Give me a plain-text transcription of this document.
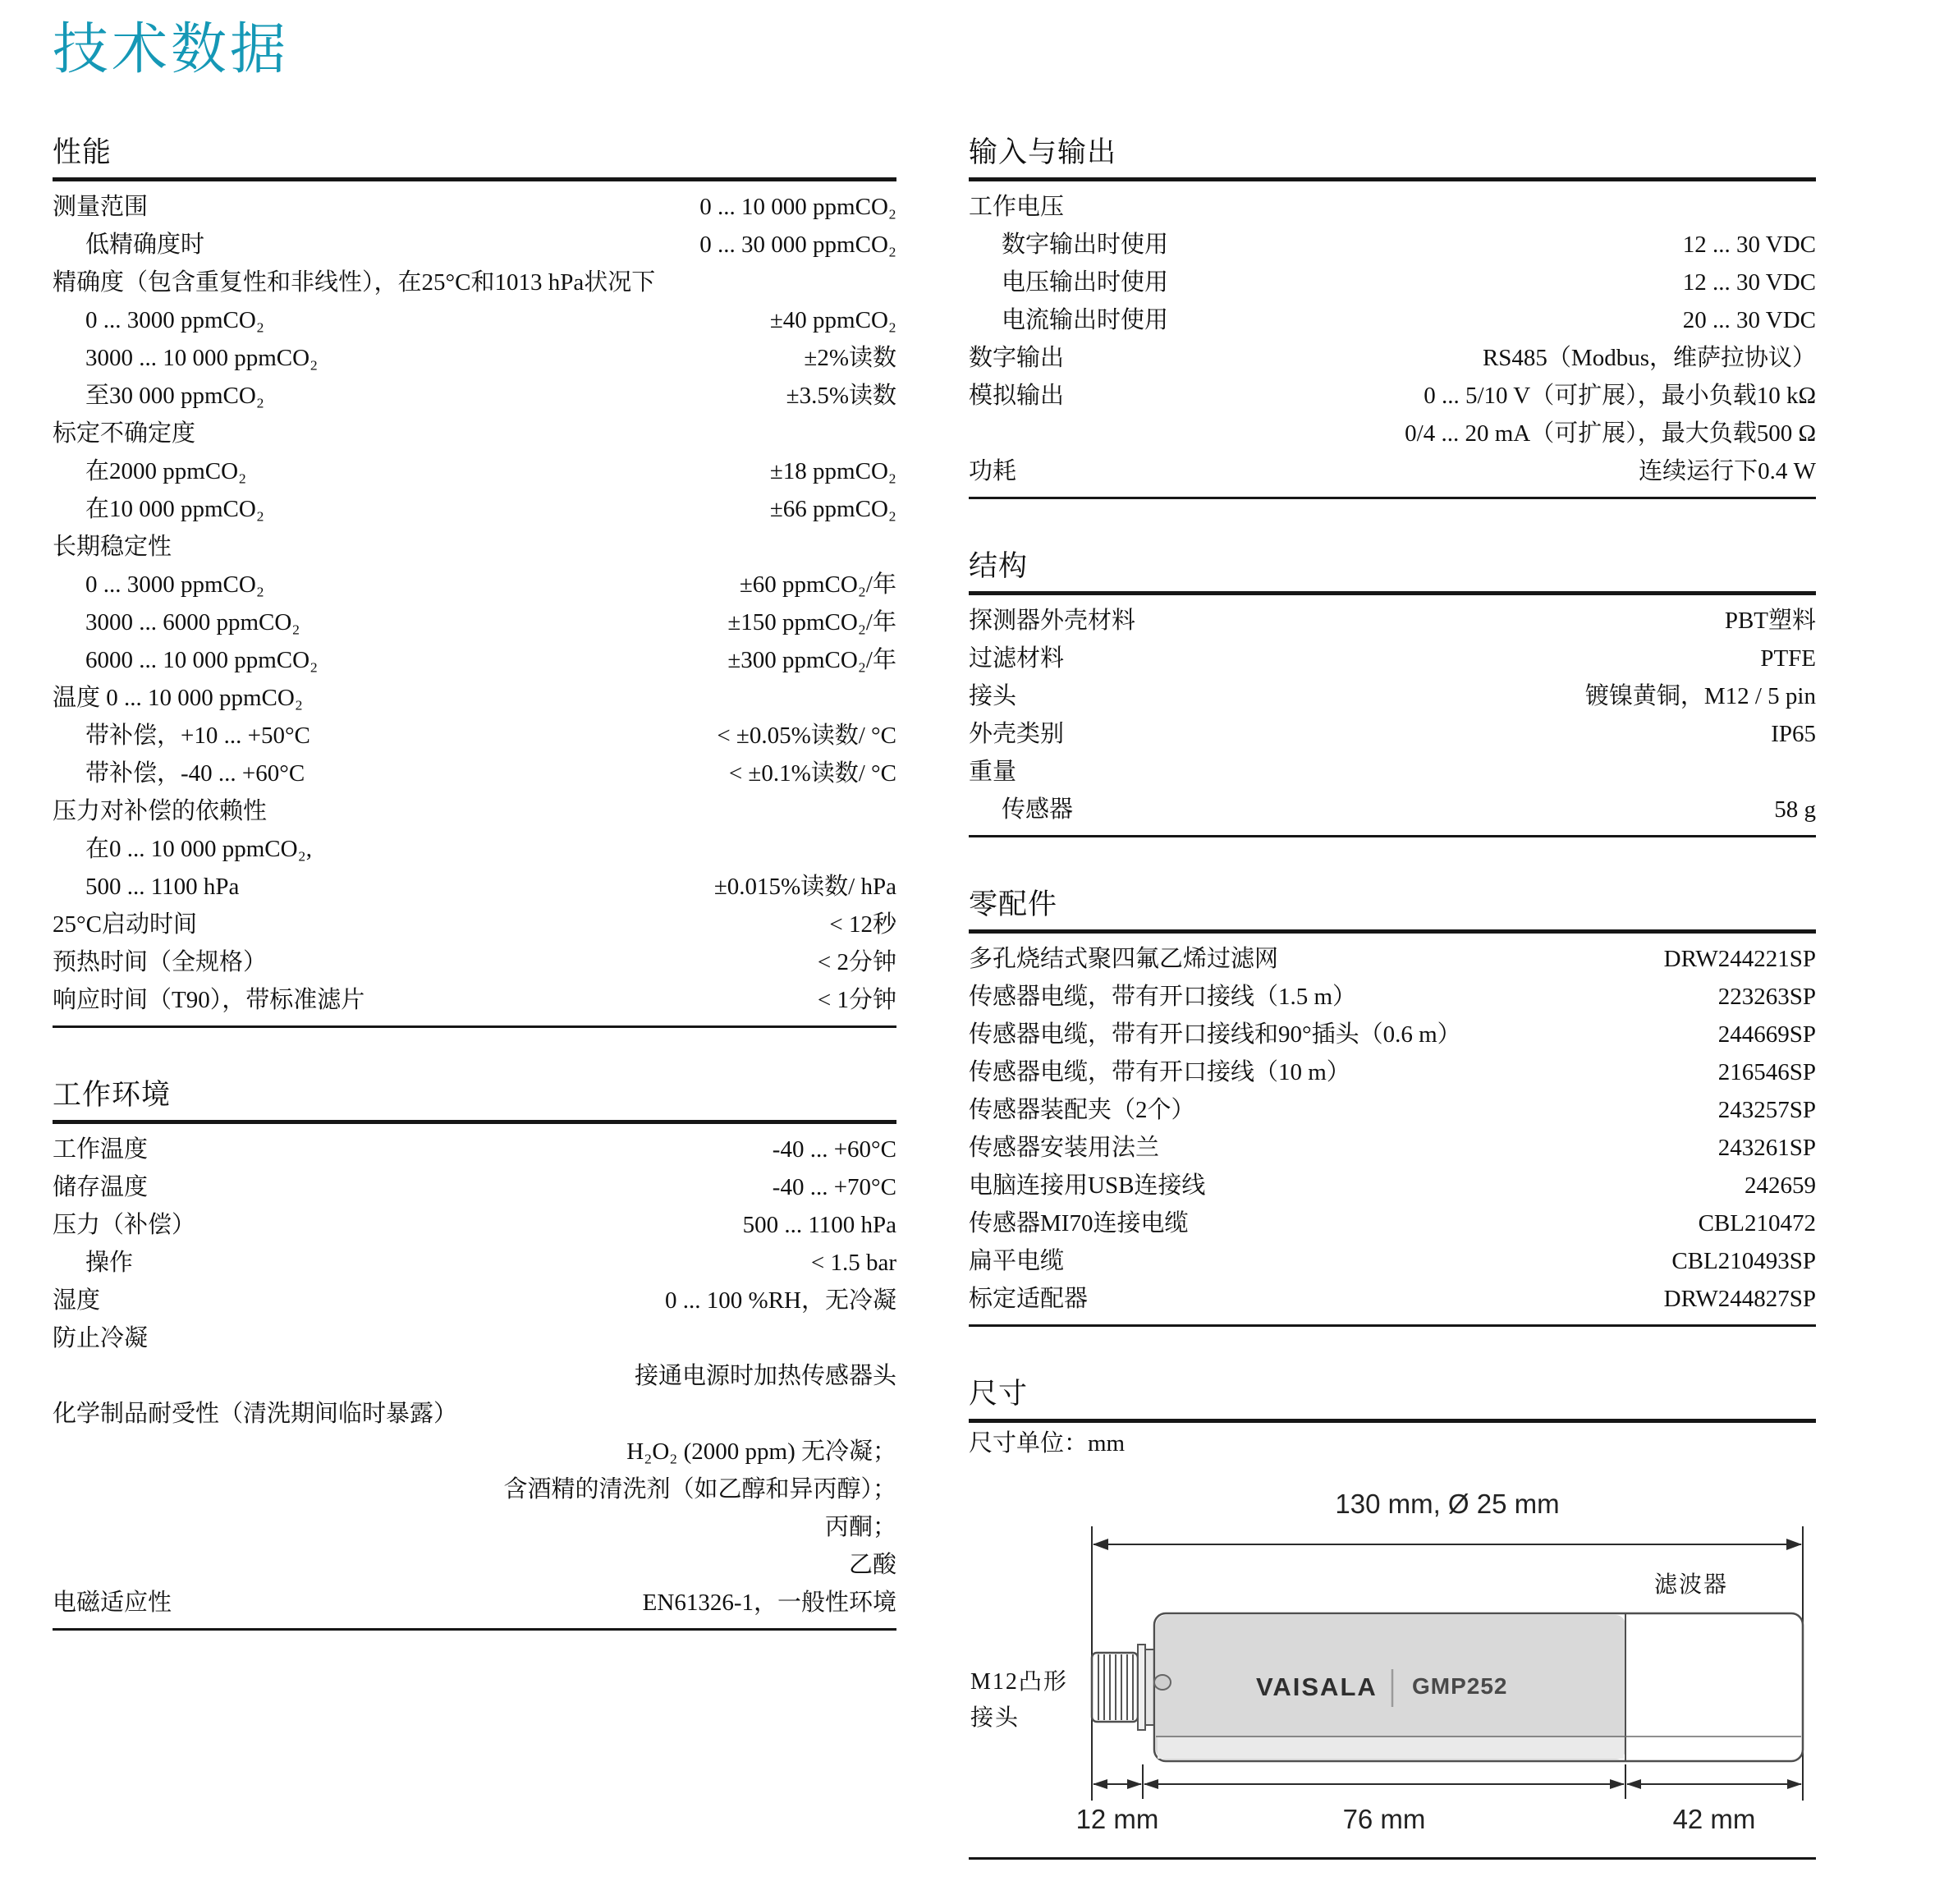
技术数据
性能
测量范围	0 ... 10 000 ppmCO₂
低精确度时	0 ... 30 000 ppmCO₂
精确度（包含重复性和非线性），在25°C和1013 hPa状况下
0 ... 3000 ppmCO₂	±40 ppmCO₂
3000 ... 10 000 ppmCO₂	±2%读数
至30 000 ppmCO₂	±3.5%读数
标定不确定度
在2000 ppmCO₂	±18 ppmCO₂
在10 000 ppmCO₂	±66 ppmCO₂
长期稳定性
0 ... 3000 ppmCO₂	±60 ppmCO₂/年
3000 ... 6000 ppmCO₂	±150 ppmCO₂/年
6000 ... 10 000 ppmCO₂	±300 ppmCO₂/年
温度 0 ... 10 000 ppmCO₂
带补偿，+10 ... +50°C	< ±0.05%读数/ °C
带补偿，-40 ... +60°C	< ±0.1%读数/ °C
压力对补偿的依赖性
在0 ... 10 000 ppmCO₂,
500 ... 1100 hPa	±0.015%读数/ hPa
25°C启动时间	< 12秒
预热时间（全规格）	< 2分钟
响应时间（T90），带标准滤片	< 1分钟
工作环境
工作温度	-40 ... +60°C
储存温度	-40 ... +70°C
压力（补偿）	500 ... 1100 hPa
操作	< 1.5 bar
湿度	0 ... 100 %RH，无冷凝
防止冷凝
接通电源时加热传感器头
化学制品耐受性（清洗期间临时暴露）
H₂O₂ (2000 ppm) 无冷凝；
含酒精的清洗剂（如乙醇和异丙醇）；
丙酮；
乙酸
电磁适应性	EN61326-1，一般性环境
输入与输出
工作电压
数字输出时使用	12 ... 30 VDC
电压输出时使用	12 ... 30 VDC
电流输出时使用	20 ... 30 VDC
数字输出	RS485（Modbus，维萨拉协议）
模拟输出	0 ... 5/10 V（可扩展），最小负载10 kΩ
0/4 ... 20 mA（可扩展），最大负载500 Ω
功耗	连续运行下0.4 W
结构
探测器外壳材料	PBT塑料
过滤材料	PTFE
接头	镀镍黄铜，M12 / 5 pin
外壳类别	IP65
重量
传感器	58 g
零配件
多孔烧结式聚四氟乙烯过滤网	DRW244221SP
传感器电缆，带有开口接线（1.5 m）	223263SP
传感器电缆，带有开口接线和90°插头（0.6 m）	244669SP
传感器电缆，带有开口接线（10 m）	216546SP
传感器装配夹（2个）	243257SP
传感器安装用法兰	243261SP
电脑连接用USB连接线	242659
传感器MI70连接电缆	CBL210472
扁平电缆	CBL210493SP
标定适配器	DRW244827SP
尺寸
尺寸单位：mm
130 mm, Ø 25 mm
滤波器
M12凸形
接头
VAISALA GMP252
12 mm	76 mm	42 mm
